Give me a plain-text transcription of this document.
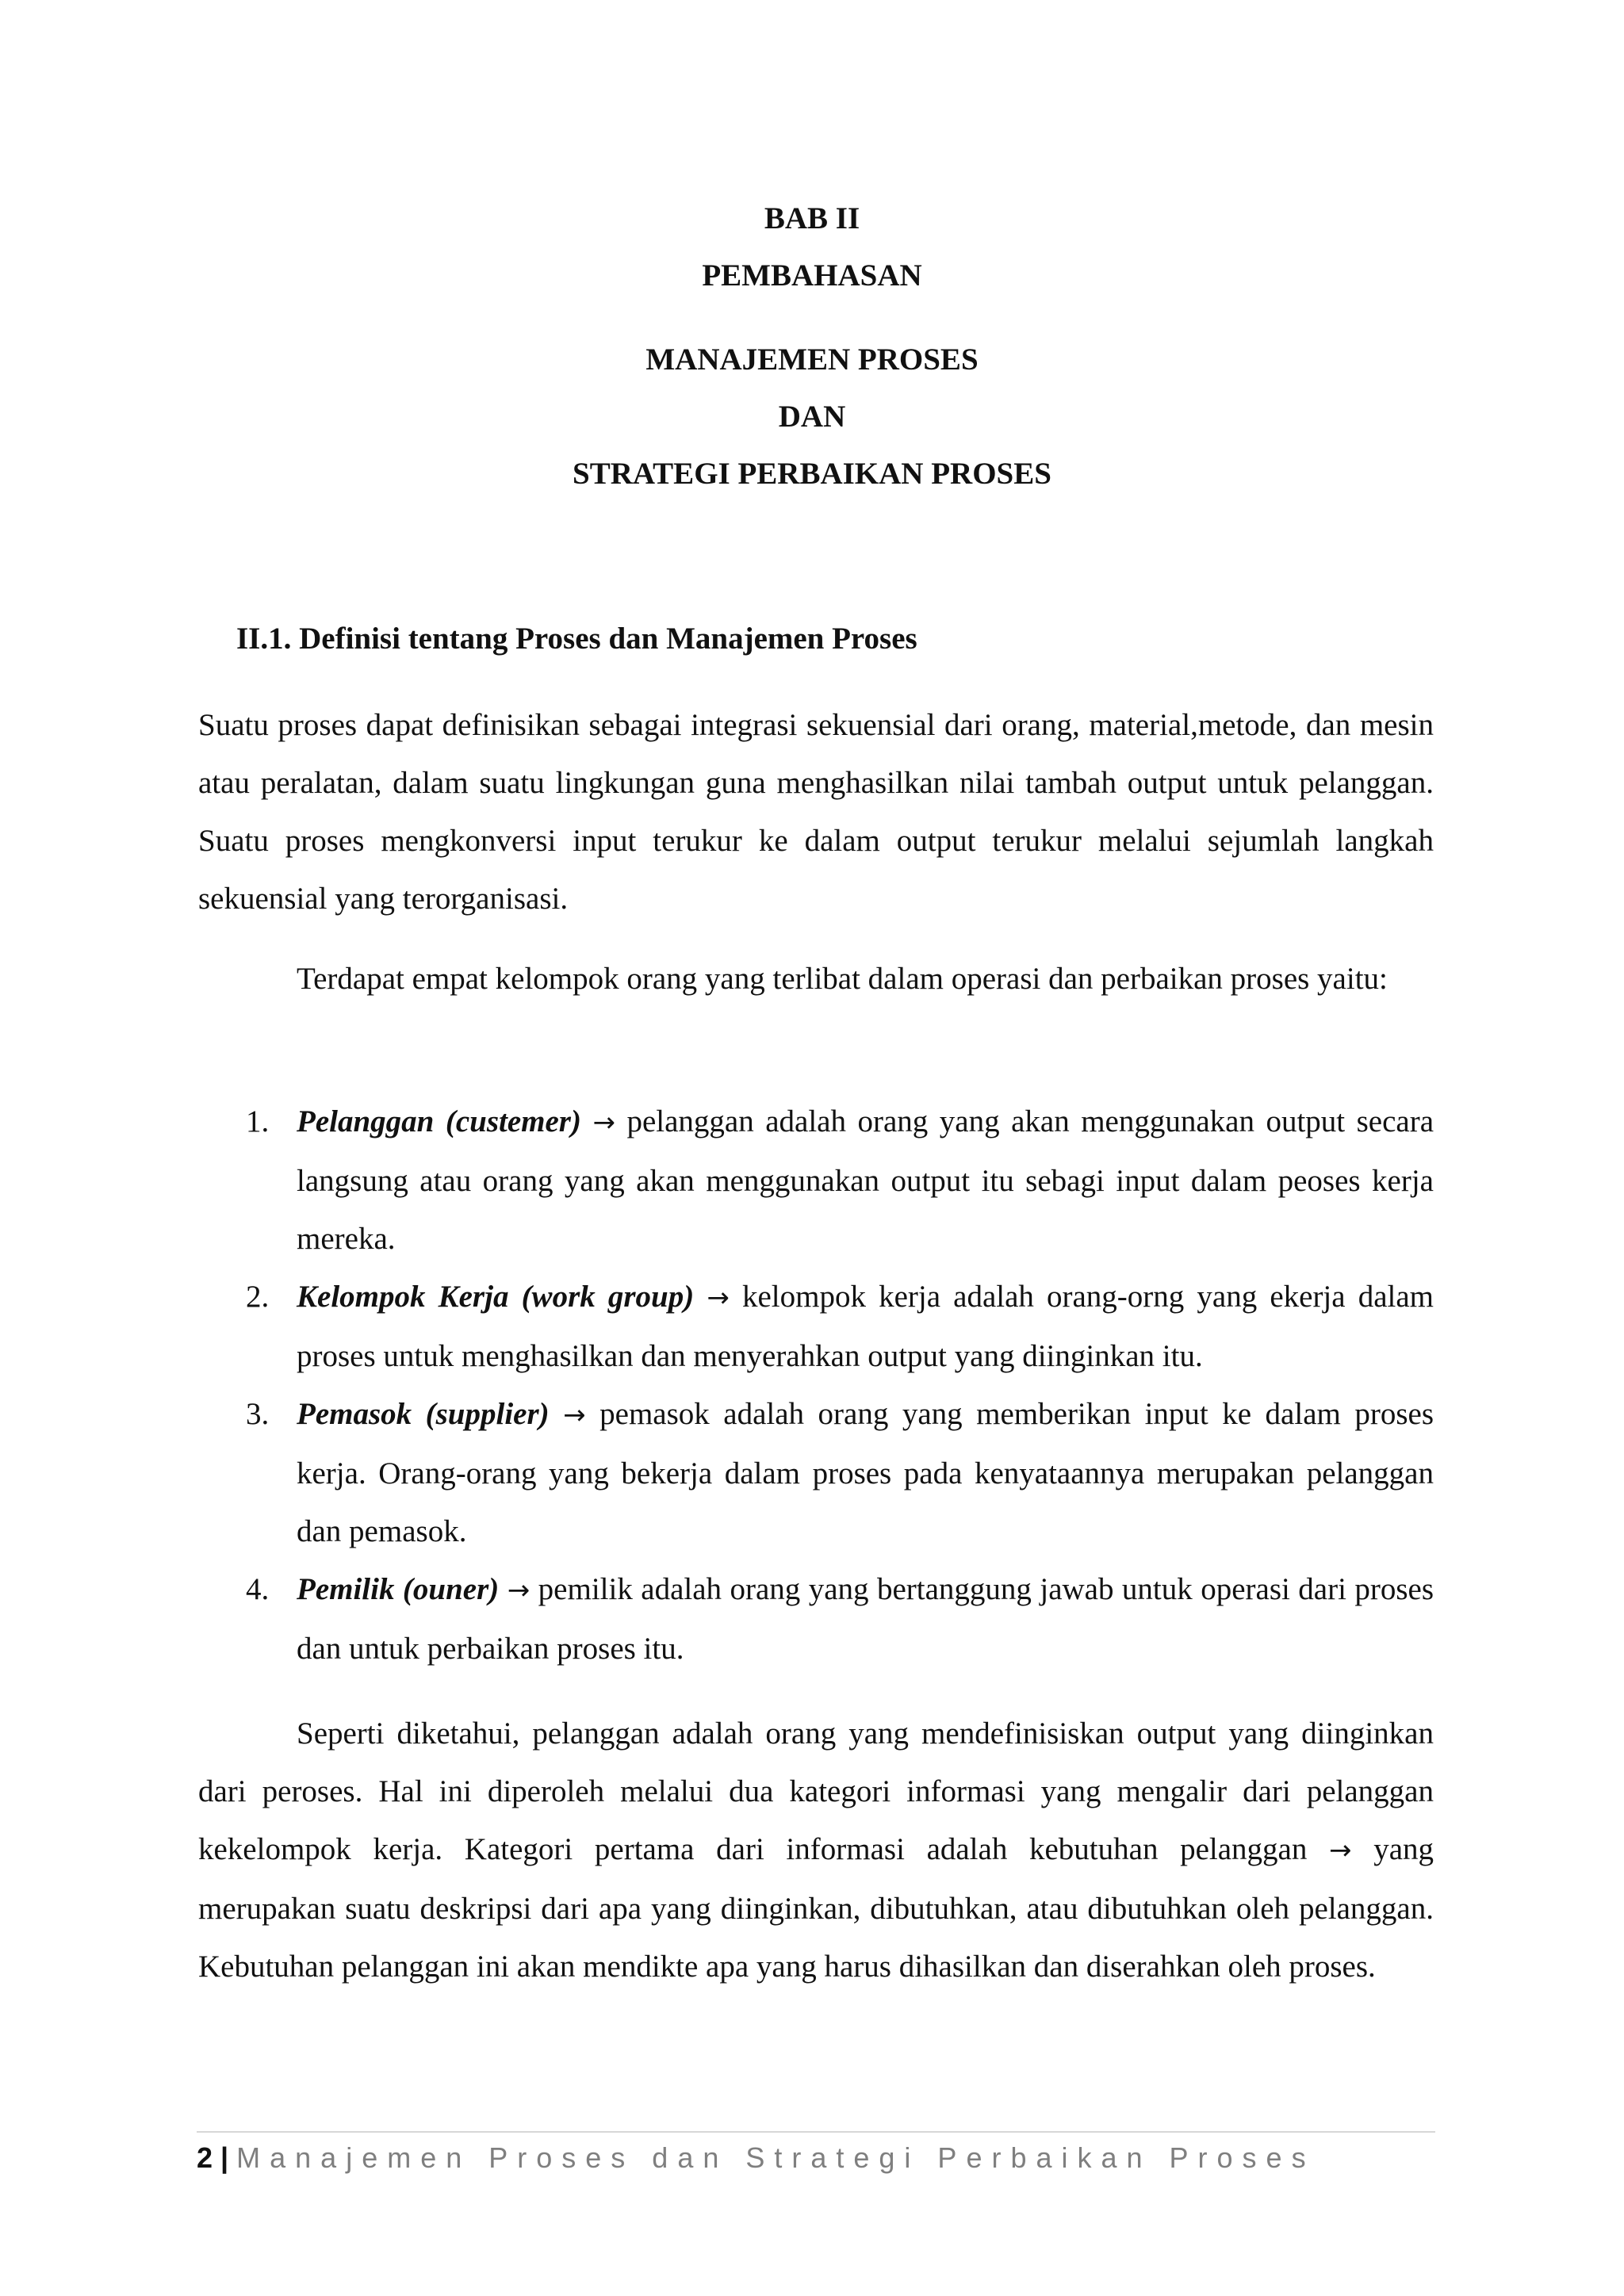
BAB II
PEMBAHASAN
MANAJEMEN PROSES
DAN
STRATEGI PERBAIKAN PROSES
II.1. Definisi tentang Proses dan Manajemen Proses

Suatu proses dapat definisikan sebagai integrasi sekuensial dari orang, material,metode, dan mesin atau peralatan, dalam suatu lingkungan guna menghasilkan nilai tambah output untuk pelanggan. Suatu proses mengkonversi input terukur ke dalam output terukur melalui sejumlah langkah sekuensial yang terorganisasi.

Terdapat empat kelompok orang yang terlibat dalam operasi dan perbaikan proses yaitu:

1. Pelanggan (custemer) → pelanggan adalah orang yang akan menggunakan output secara langsung atau orang yang akan menggunakan output itu sebagi input dalam peoses kerja mereka.
2. Kelompok Kerja (work group) → kelompok kerja adalah orang-orng yang ekerja dalam proses untuk menghasilkan dan menyerahkan output yang diinginkan itu.
3. Pemasok (supplier) → pemasok adalah orang yang memberikan input ke dalam proses kerja. Orang-orang yang bekerja dalam proses pada kenyataannya merupakan pelanggan dan pemasok.
4. Pemilik (ouner) → pemilik adalah orang yang bertanggung jawab untuk operasi dari proses dan untuk perbaikan proses itu.

Seperti diketahui, pelanggan adalah orang yang mendefinisiskan output yang diinginkan dari peroses. Hal ini diperoleh melalui dua kategori informasi yang mengalir dari pelanggan kekelompok kerja. Kategori pertama dari informasi adalah kebutuhan pelanggan → yang merupakan suatu deskripsi dari apa yang diinginkan, dibutuhkan, atau dibutuhkan oleh pelanggan. Kebutuhan pelanggan ini akan mendikte apa yang harus dihasilkan dan diserahkan oleh proses.

2 | Manajemen Proses dan Strategi Perbaikan Proses
